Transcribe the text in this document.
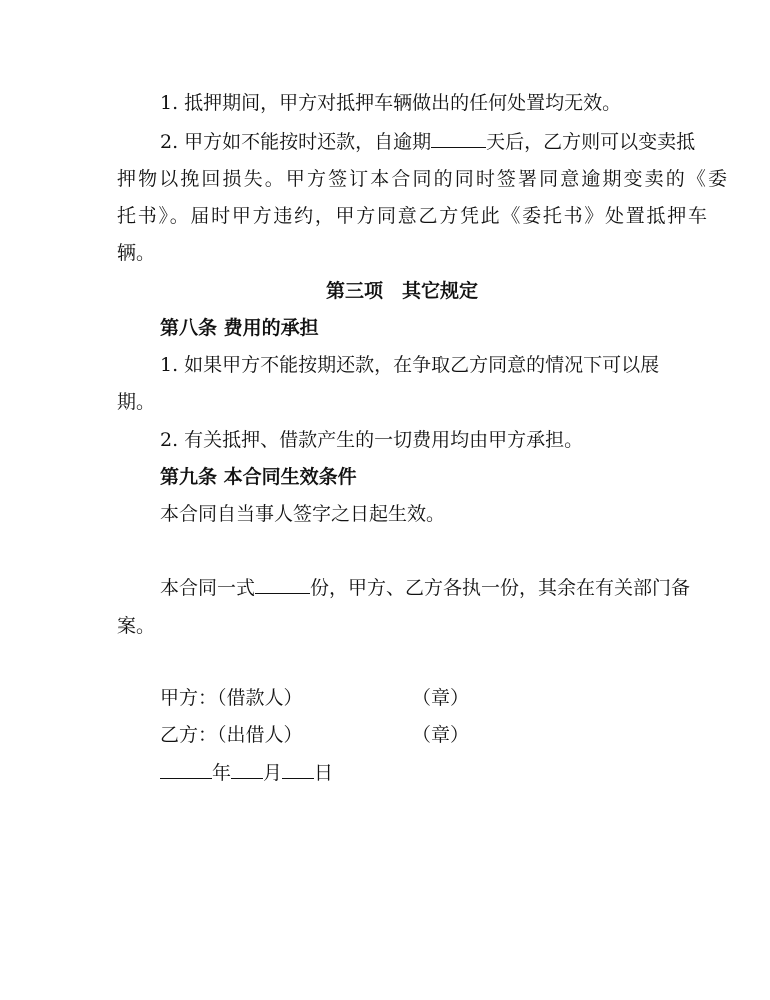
1. 抵押期间，甲方对抵押车辆做出的任何处置均无效。
2. 甲方如不能按时还款，自逾期	天后，乙方则可以变卖抵
押物以挽回损失。甲方签订本合同的同时签署同意逾期变卖的《委
托书》。届时甲方违约，甲方同意乙方凭此《委托书》处置抵押车
辆。
第三项　其它规定
第八条 费用的承担
1. 如果甲方不能按期还款，在争取乙方同意的情况下可以展
期。
2. 有关抵押、借款产生的一切费用均由甲方承担。
第九条 本合同生效条件
本合同自当事人签字之日起生效。
本合同一式	份，甲方、乙方各执一份，其余在有关部门备
案。
甲方：（借款人）	（章）
乙方：（出借人）	（章）
年 月 日
